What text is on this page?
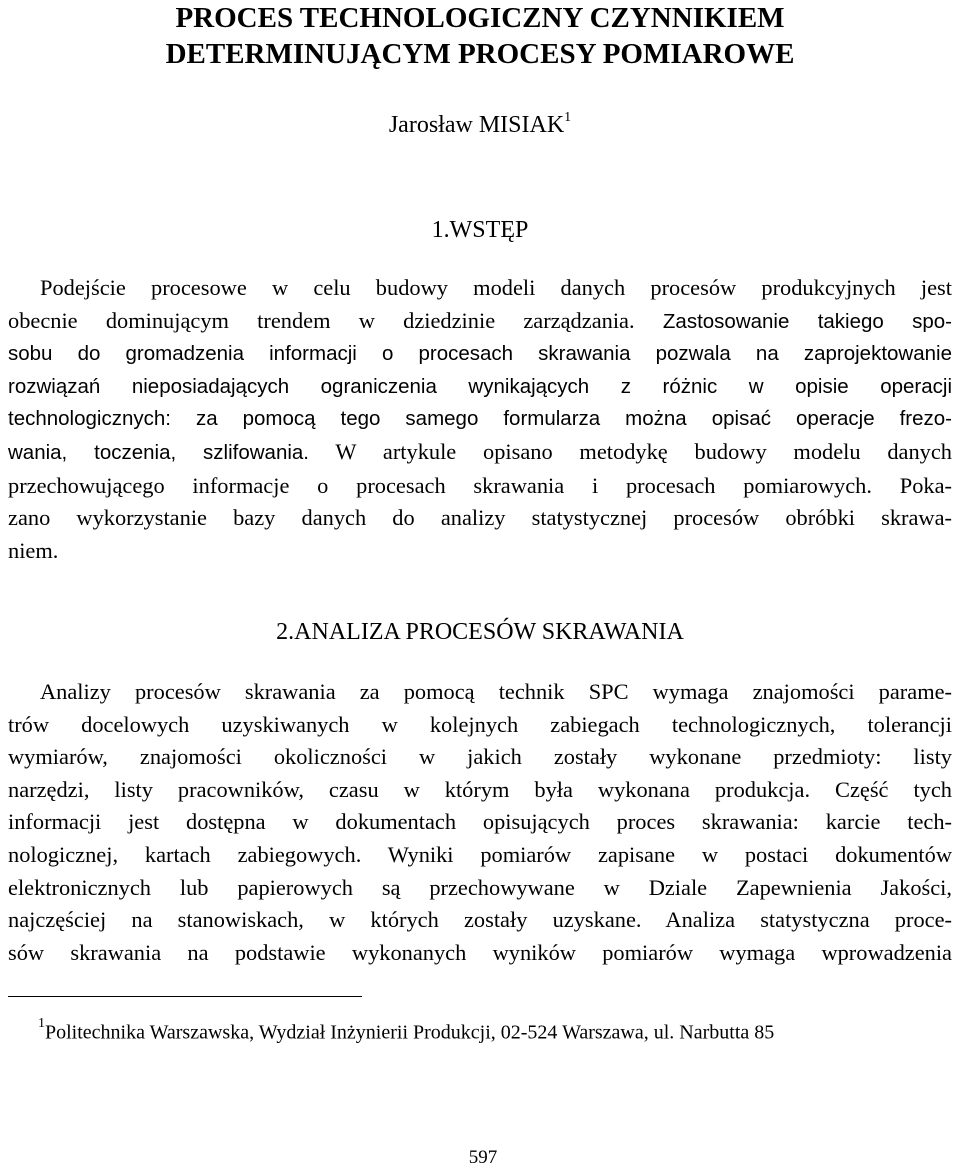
PROCES TECHNOLOGICZNY CZYNNIKIEM
DETERMINUJĄCYM PROCESY POMIAROWE
Jarosław MISIAK$^1$
1.WSTĘP
Podejście procesowe w celu budowy modeli danych procesów produkcyjnych jest
obecnie dominującym trendem w dziedzinie zarządzania. Zastosowanie takiego spo-
sobu do gromadzenia informacji o procesach skrawania pozwala na zaprojektowanie
rozwiązań nieposiadających ograniczenia wynikających z różnic w opisie operacji
technologicznych: za pomocą tego samego formularza można opisać operacje frezo-
wania, toczenia, szlifowania. W artykule opisano metodykę budowy modelu danych
przechowującego informacje o procesach skrawania i procesach pomiarowych. Poka-
zano wykorzystanie bazy danych do analizy statystycznej procesów obróbki skrawa-
niem.
2.ANALIZA PROCESÓW SKRAWANIA
Analizy procesów skrawania za pomocą technik SPC wymaga znajomości parame-
trów docelowych uzyskiwanych w kolejnych zabiegach technologicznych, tolerancji
wymiarów, znajomości okoliczności w jakich zostały wykonane przedmioty: listy
narzędzi, listy pracowników, czasu w którym była wykonana produkcja. Część tych
informacji jest dostępna w dokumentach opisujących proces skrawania: karcie tech-
nologicznej, kartach zabiegowych. Wyniki pomiarów zapisane w postaci dokumentów
elektronicznych lub papierowych są przechowywane w Dziale Zapewnienia Jakości,
najczęściej na stanowiskach, w których zostały uzyskane. Analiza statystyczna proce-
sów skrawania na podstawie wykonanych wyników pomiarów wymaga wprowadzenia
$^1$Politechnika Warszawska, Wydział Inżynierii Produkcji, 02-524 Warszawa, ul. Narbutta 85
597
